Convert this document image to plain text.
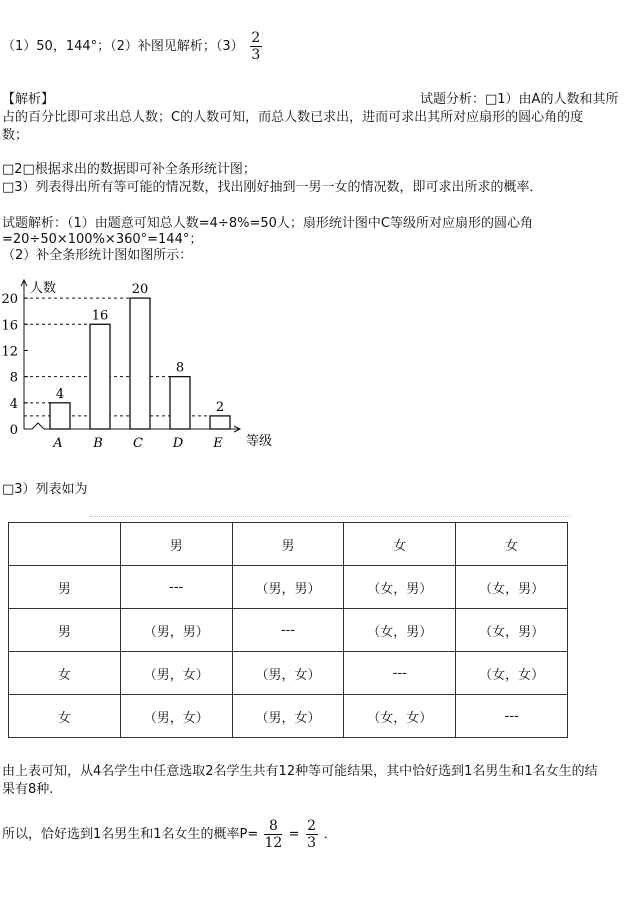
（1）50，144°；（2）补图见解析；$(3) \frac{2}{3}$
【解析】	试题分析：□1）由A的人数和其所
占的百分比即可求出总人数；C的人数可知，而总人数已求出，进而可求出其所对应扇形的圆心角的度
数；
□2□根据求出的数据即可补全条形统计图；
□3）列表得出所有等可能的情况数，找出刚好抽到一男一女的情况数，即可求出所求的概率．
试题解析：（1）由题意可知总人数=4÷8%=50人；扇形统计图中C等级所对应扇形的圆心角
=20÷50×100%×360°=144°；
（2）补全条形统计图如图所示：
人数
等级
0
4
8
12
16
20
4
A
16
B
20
C
8
D
2
E
□3）列表如为
	男	男	女	女
男	---	（男，男）	（女，男）	（女，男）
男	（男，男）	---	（女，男）	（女，男）
女	（男，女）	（男，女）	---	（女，女）
女	（男，女）	（男，女）	（女，女）	---
由上表可知，从4名学生中任意选取2名学生共有12种等可能结果，其中恰好选到1名男生和1名女生的结
果有8种.
所以，恰好选到1名男生和1名女生的概率$P= \frac{8}{12} = \frac{2}{3}$ ．
